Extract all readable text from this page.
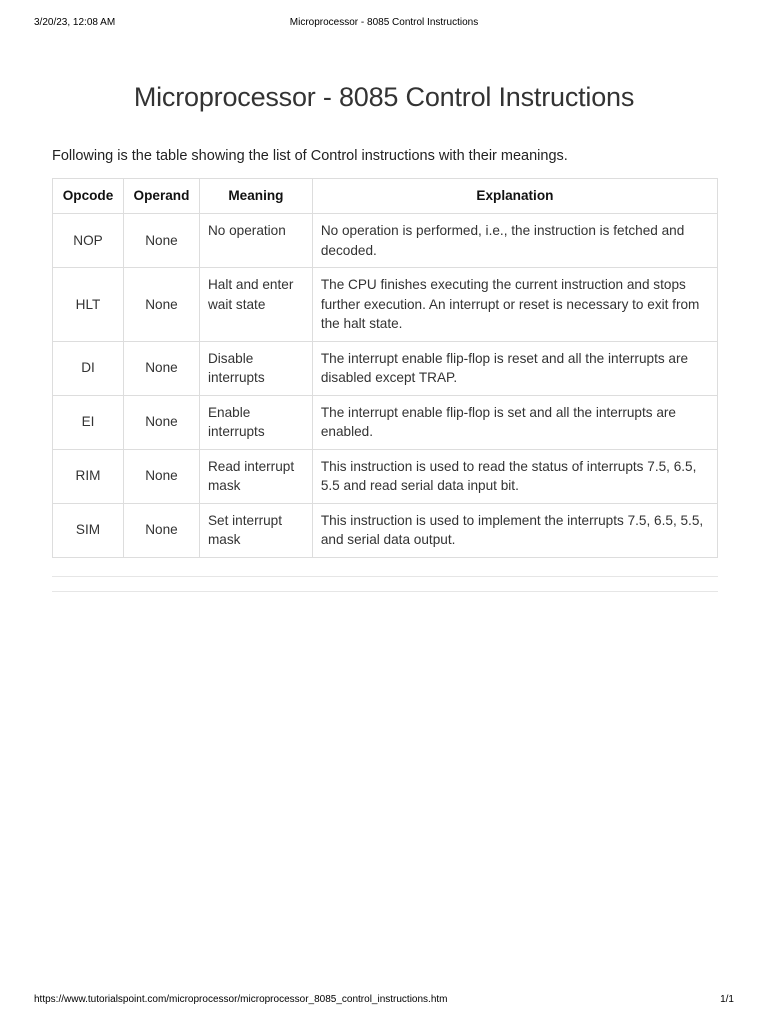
3/20/23, 12:08 AM	Microprocessor - 8085 Control Instructions
Microprocessor - 8085 Control Instructions

Following is the table showing the list of Control instructions with their meanings.

Opcode	Operand	Meaning	Explanation
NOP	None	No operation	No operation is performed, i.e., the instruction is fetched and decoded.
HLT	None	Halt and enter wait state	The CPU finishes executing the current instruction and stops further execution. An interrupt or reset is necessary to exit from the halt state.
DI	None	Disable interrupts	The interrupt enable flip-flop is reset and all the interrupts are disabled except TRAP.
EI	None	Enable interrupts	The interrupt enable flip-flop is set and all the interrupts are enabled.
RIM	None	Read interrupt mask	This instruction is used to read the status of interrupts 7.5, 6.5, 5.5 and read serial data input bit.
SIM	None	Set interrupt mask	This instruction is used to implement the interrupts 7.5, 6.5, 5.5, and serial data output.
https://www.tutorialspoint.com/microprocessor/microprocessor_8085_control_instructions.htm	1/1
